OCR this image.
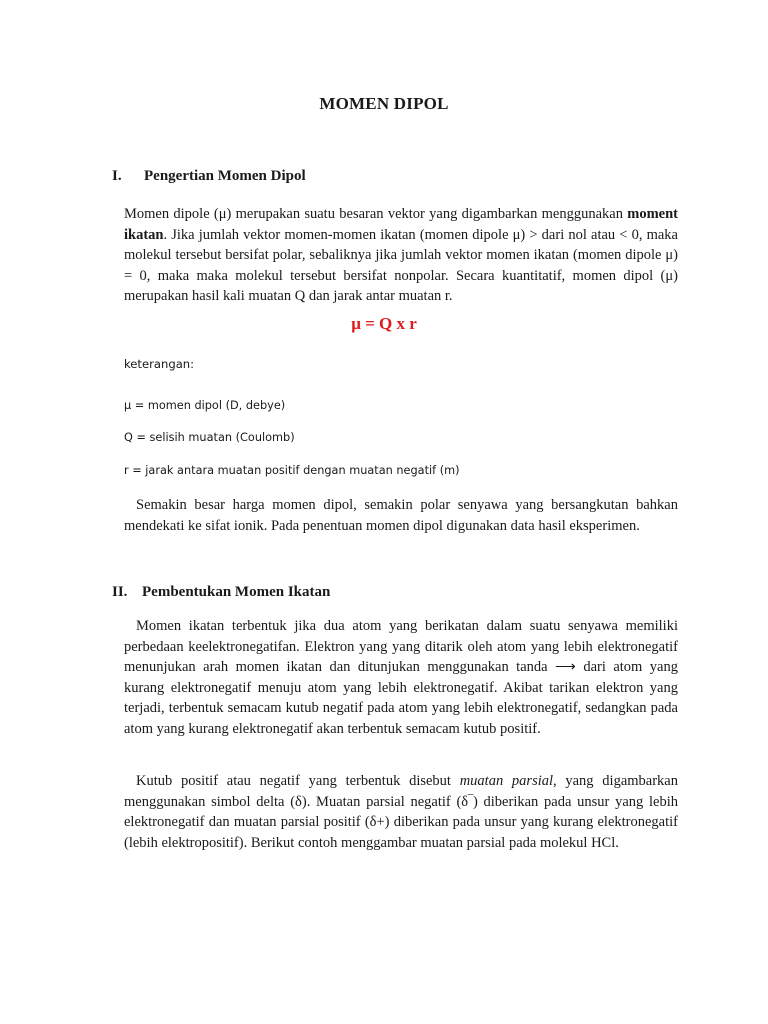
MOMEN DIPOL
I. Pengertian Momen Dipol
Momen dipole (μ) merupakan suatu besaran vektor yang digambarkan menggunakan moment ikatan. Jika jumlah vektor momen-momen ikatan (momen dipole μ) > dari nol atau < 0, maka molekul tersebut bersifat polar, sebaliknya jika jumlah vektor momen ikatan (momen dipole μ) = 0, maka maka molekul tersebut bersifat nonpolar. Secara kuantitatif, momen dipol (μ) merupakan hasil kali muatan Q dan jarak antar muatan r.
μ = Q x r
keterangan:
μ = momen dipol (D, debye)
Q = selisih muatan (Coulomb)
r = jarak antara muatan positif dengan muatan negatif (m)
Semakin besar harga momen dipol, semakin polar senyawa yang bersangkutan bahkan mendekati ke sifat ionik. Pada penentuan momen dipol digunakan data hasil eksperimen.
II. Pembentukan Momen Ikatan
Momen ikatan terbentuk jika dua atom yang berikatan dalam suatu senyawa memiliki perbedaan keelektronegatifan. Elektron yang yang ditarik oleh atom yang lebih elektronegatif menunjukan arah momen ikatan dan ditunjukan menggunakan tanda ⟶ dari atom yang kurang elektronegatif menuju atom yang lebih elektronegatif. Akibat tarikan elektron yang terjadi, terbentuk semacam kutub negatif pada atom yang lebih elektronegatif, sedangkan pada atom yang kurang elektronegatif akan terbentuk semacam kutub positif.
Kutub positif atau negatif yang terbentuk disebut muatan parsial, yang digambarkan menggunakan simbol delta (δ). Muatan parsial negatif (δ‾) diberikan pada unsur yang lebih elektronegatif dan muatan parsial positif (δ+) diberikan pada unsur yang kurang elektronegatif (lebih elektropositif). Berikut contoh menggambar muatan parsial pada molekul HCl.
